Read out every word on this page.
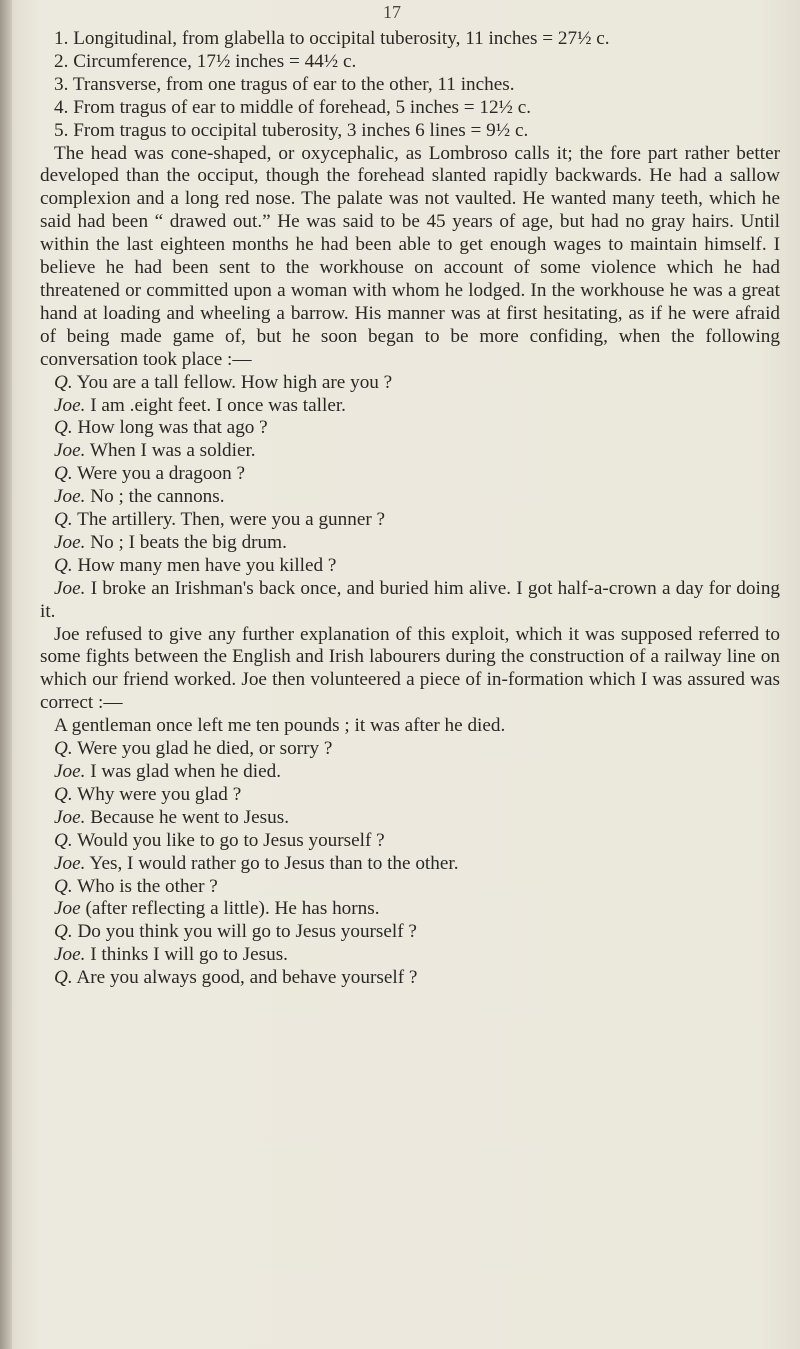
17

1. Longitudinal, from glabella to occipital tuberosity, 11 inches = 27½ c.

2. Circumference, 17½ inches = 44½ c.

3. Transverse, from one tragus of ear to the other, 11 inches.

4. From tragus of ear to middle of forehead, 5 inches = 12½ c.

5. From tragus to occipital tuberosity, 3 inches 6 lines = 9½ c.

The head was cone-shaped, or oxycephalic, as Lombroso calls it; the fore part rather better developed than the occiput, though the forehead slanted rapidly backwards. He had a sallow complexion and a long red nose. The palate was not vaulted. He wanted many teeth, which he said had been “ drawed out.” He was said to be 45 years of age, but had no gray hairs. Until within the last eighteen months he had been able to get enough wages to maintain himself. I believe he had been sent to the workhouse on account of some violence which he had threatened or committed upon a woman with whom he lodged. In the workhouse he was a great hand at loading and wheeling a barrow. His manner was at first hesitating, as if he were afraid of being made game of, but he soon began to be more confiding, when the following conversation took place :—

Q. You are a tall fellow. How high are you ?

Joe. I am .eight feet. I once was taller.

Q. How long was that ago ?

Joe. When I was a soldier.

Q. Were you a dragoon ?

Joe. No ; the cannons.

Q. The artillery. Then, were you a gunner ?

Joe. No ; I beats the big drum.

Q. How many men have you killed ?

Joe. I broke an Irishman's back once, and buried him alive. I got half-a-crown a day for doing it.

Joe refused to give any further explanation of this exploit, which it was supposed referred to some fights between the English and Irish labourers during the construction of a railway line on which our friend worked. Joe then volunteered a piece of in-formation which I was assured was correct :—

A gentleman once left me ten pounds ; it was after he died.

Q. Were you glad he died, or sorry ?

Joe. I was glad when he died.

Q. Why were you glad ?

Joe. Because he went to Jesus.

Q. Would you like to go to Jesus yourself ?

Joe. Yes, I would rather go to Jesus than to the other.

Q. Who is the other ?

Joe (after reflecting a little). He has horns.

Q. Do you think you will go to Jesus yourself ?

Joe. I thinks I will go to Jesus.

Q. Are you always good, and behave yourself ?
